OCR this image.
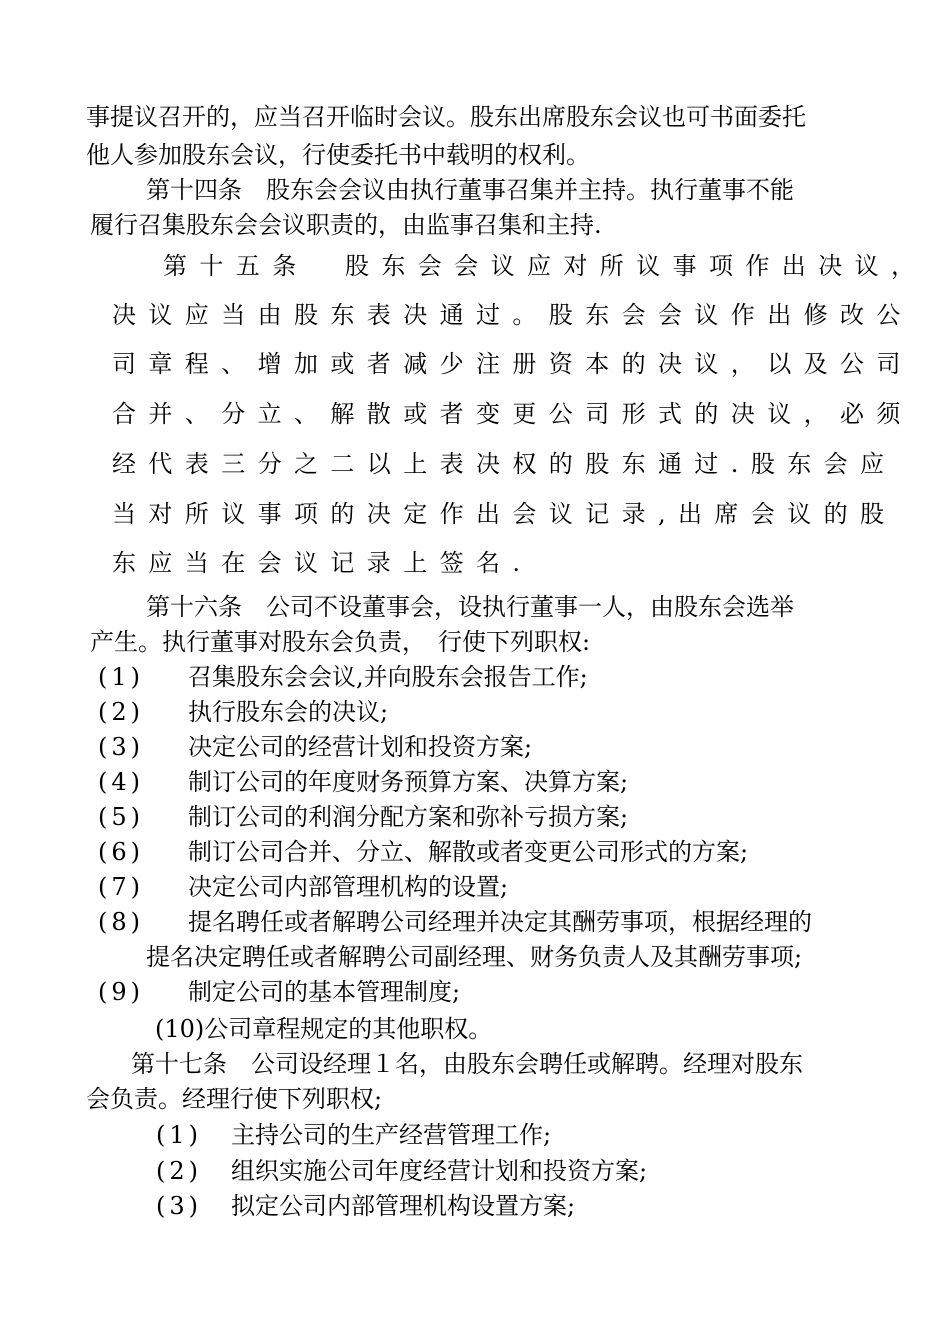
事提议召开的，应当召开临时会议。股东出席股东会议也可书面委托
他人参加股东会议，行使委托书中载明的权利。
第十四条　股东会会议由执行董事召集并主持。执行董事不能
履行召集股东会会议职责的，由监事召集和主持.
第十五条　股东会会议应对所议事项作出决议，
决议应当由股东表决通过。股东会会议作出修改公
司章程、增加或者减少注册资本的决议，以及公司
合并、分立、解散或者变更公司形式的决议，必须
经代表三分之二以上表决权的股东通过.股东会应
当对所议事项的决定作出会议记录,出席会议的股
东应当在会议记录上签名.
第十六条　公司不设董事会，设执行董事一人，由股东会选举
产生。执行董事对股东会负责，　行使下列职权:
(1) 召集股东会会议,并向股东会报告工作;
(2) 执行股东会的决议;
(3) 决定公司的经营计划和投资方案;
(4) 制订公司的年度财务预算方案、决算方案;
(5) 制订公司的利润分配方案和弥补亏损方案;
(6) 制订公司合并、分立、解散或者变更公司形式的方案;
(7) 决定公司内部管理机构的设置;
(8) 提名聘任或者解聘公司经理并决定其酬劳事项，根据经理的
提名决定聘任或者解聘公司副经理、财务负责人及其酬劳事项;
(9) 制定公司的基本管理制度;
(10)公司章程规定的其他职权。
第十七条　公司设经理１名，由股东会聘任或解聘。经理对股东
会负责。经理行使下列职权;
(1) 主持公司的生产经营管理工作;
(2) 组织实施公司年度经营计划和投资方案;
(3) 拟定公司内部管理机构设置方案;
